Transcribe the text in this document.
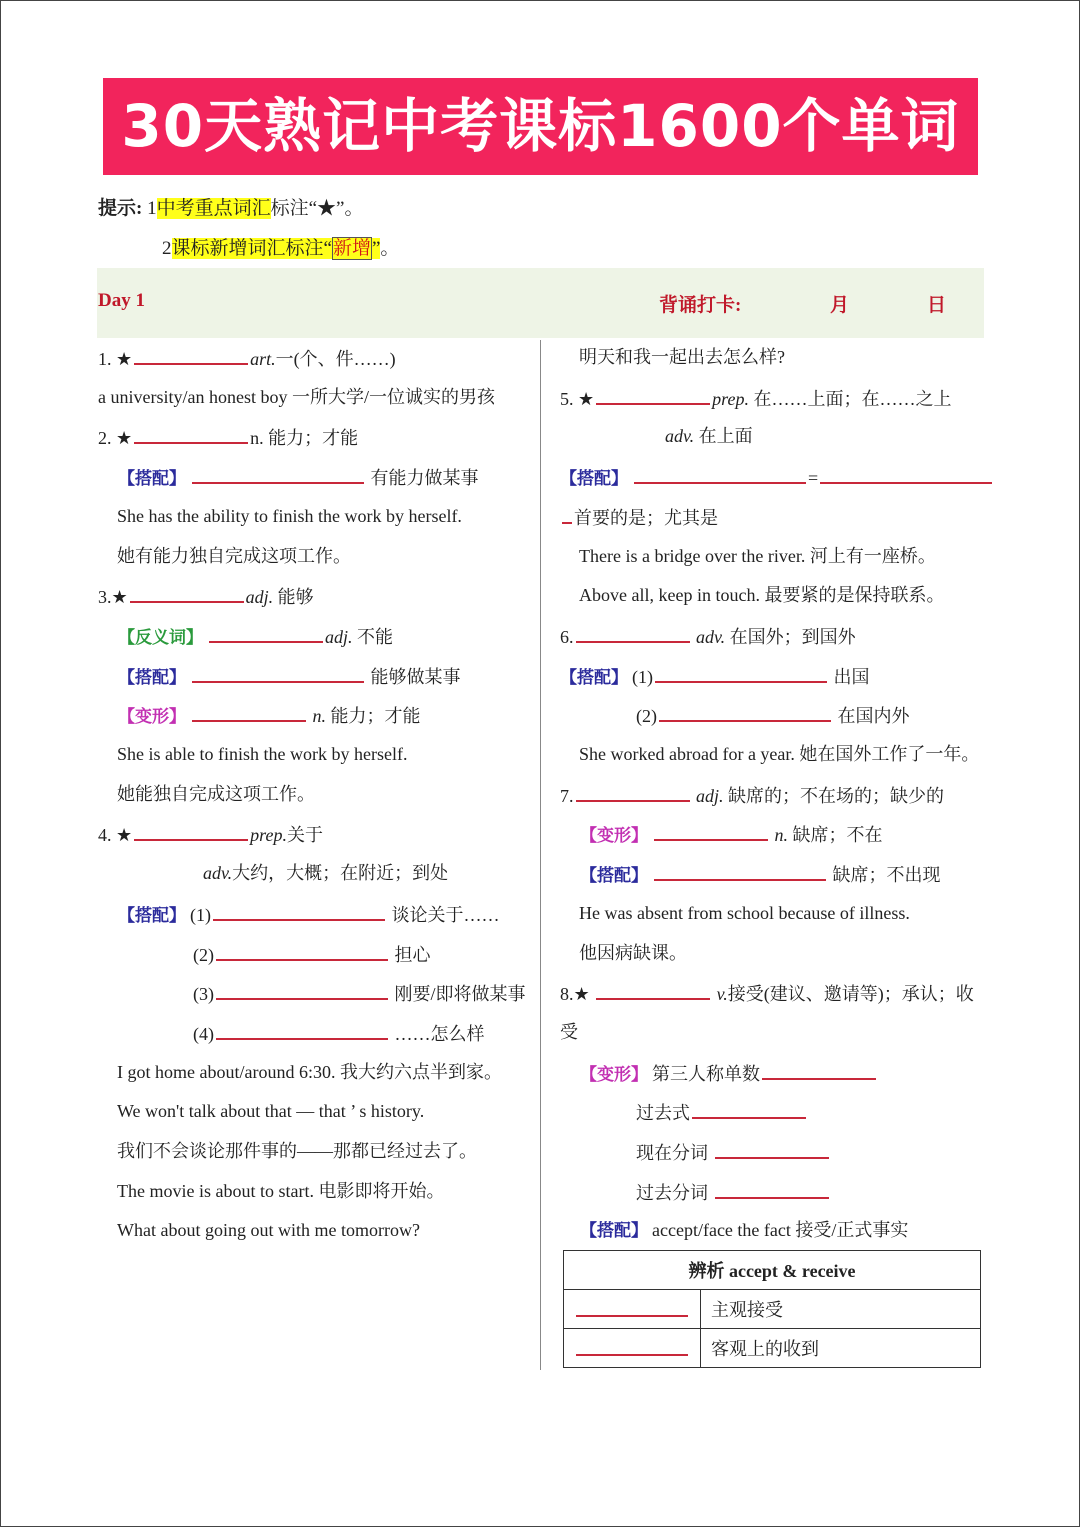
30天熟记中考课标1600个单词
提示: 1中考重点词汇标注“★”。
2课标新增词汇标注“新增”。
Day 1	背诵打卡:	月	日
1. ★	art.一(个、件……)
a university/an honest boy 一所大学/一位诚实的男孩
2. ★	n. 能力；才能
【搭配】	有能力做某事
She has the ability to finish the work by herself.
她有能力独自完成这项工作。
3.★	adj. 能够
【反义词】	adj. 不能
【搭配】	能够做某事
【变形】	n. 能力；才能
She is able to finish the work by herself.
她能独自完成这项工作。
4. ★	prep.关于
adv.大约，大概；在附近；到处
【搭配】 (1)	谈论关于……
(2)	担心
(3)	刚要/即将做某事
(4)	……怎么样
I got home about/around 6:30. 我大约六点半到家。
We won't talk about that — that ’ s history.
我们不会谈论那件事的——那都已经过去了。
The movie is about to start. 电影即将开始。
What about going out with me tomorrow?
明天和我一起出去怎么样?
5. ★	prep. 在……上面；在……之上
adv. 在上面
【搭配】	=
首要的是；尤其是
There is a bridge over the river. 河上有一座桥。
Above all, keep in touch. 最要紧的是保持联系。
6.	adv. 在国外；到国外
【搭配】 (1)	出国
(2)	在国内外
She worked abroad for a year. 她在国外工作了一年。
7.	adj. 缺席的；不在场的；缺少的
【变形】	n. 缺席；不在
【搭配】	缺席；不出现
He was absent from school because of illness.
他因病缺课。
8.★	v.接受(建议、邀请等)；承认；收
受
【变形】 第三人称单数
过去式
现在分词
过去分词
【搭配】 accept/face the fact 接受/正式事实
辨析 accept & receive	
	主观接受
	客观上的收到
